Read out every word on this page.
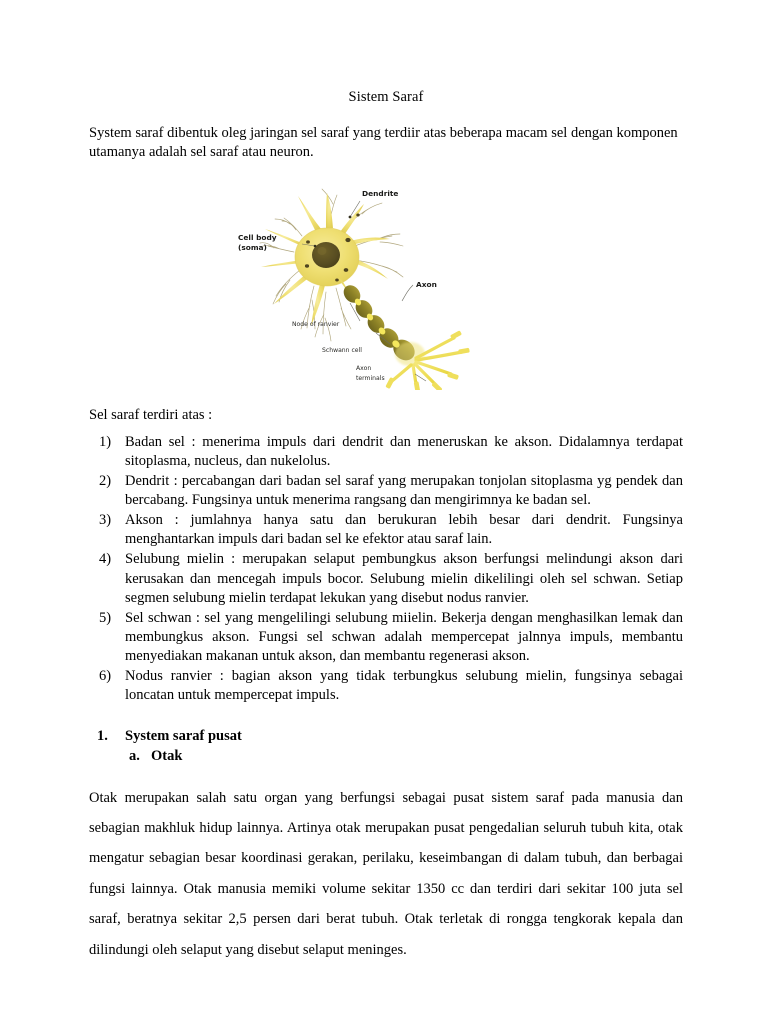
Sistem Saraf

System saraf dibentuk oleg jaringan sel saraf yang terdiir atas beberapa macam sel dengan komponen utamanya adalah sel saraf atau neuron.

Dendrite
Cell body
(soma)
Axon
Node of ranvier
Schwann cell
Axon
terminals

Sel saraf terdiri atas :

1) Badan sel : menerima impuls dari dendrit dan meneruskan ke akson. Didalamnya terdapat sitoplasma, nucleus, dan nukelolus.
2) Dendrit : percabangan dari badan sel saraf yang merupakan tonjolan sitoplasma yg pendek dan bercabang. Fungsinya untuk menerima rangsang dan mengirimnya ke badan sel.
3) Akson : jumlahnya hanya satu dan berukuran lebih besar dari dendrit. Fungsinya menghantarkan impuls dari badan sel ke efektor atau saraf lain.
4) Selubung mielin : merupakan selaput pembungkus akson berfungsi melindungi akson dari kerusakan dan mencegah impuls bocor. Selubung mielin dikelilingi oleh sel schwan. Setiap segmen selubung mielin terdapat lekukan yang disebut nodus ranvier.
5) Sel schwan : sel yang mengelilingi selubung miielin. Bekerja dengan menghasilkan lemak dan membungkus akson. Fungsi sel schwan adalah mempercepat jalnnya impuls, membantu menyediakan makanan untuk akson, dan membantu regenerasi akson.
6) Nodus ranvier : bagian akson yang tidak terbungkus selubung mielin, fungsinya sebagai loncatan untuk mempercepat impuls.
1. System saraf pusat
a. Otak

Otak merupakan salah satu organ yang berfungsi sebagai pusat sistem saraf pada manusia dan sebagian makhluk hidup lainnya. Artinya otak merupakan pusat pengedalian seluruh tubuh kita, otak mengatur sebagian besar koordinasi gerakan, perilaku, keseimbangan di dalam tubuh, dan berbagai fungsi lainnya. Otak manusia memiki volume sekitar 1350 cc dan terdiri dari sekitar 100 juta sel saraf, beratnya sekitar 2,5 persen dari berat tubuh. Otak terletak di rongga tengkorak kepala dan dilindungi oleh selaput yang disebut selaput meninges.
